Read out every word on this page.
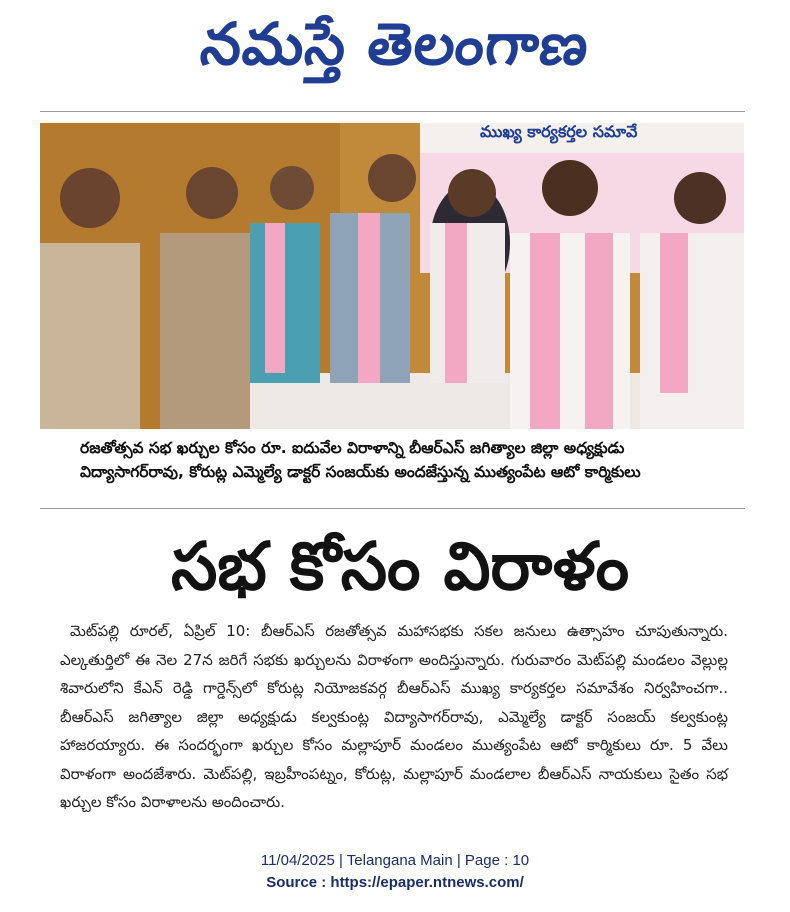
నమస్తే తెలంగాణ
ముఖ్య కార్యకర్తల సమావే
రజతోత్సవ సభ ఖర్చుల కోసం రూ. ఐదువేల విరాళాన్ని బీఆర్ఎస్ జగిత్యాల జిల్లా అధ్యక్షుడు విద్యాసాగర్‌రావు, కోరుట్ల ఎమ్మెల్యే డాక్టర్ సంజయ్‌కు అందజేస్తున్న ముత్యంపేట ఆటో కార్మికులు
సభ కోసం విరాళం
మెట్‌పల్లి రూరల్, ఏప్రిల్ 10: బీఆర్ఎస్ రజతోత్సవ మహాసభకు సకల జనులు ఉత్సాహం చూపుతున్నారు. ఎల్కతుర్తిలో ఈ నెల 27న జరిగే సభకు ఖర్చులను విరాళంగా అందిస్తున్నారు. గురువారం మెట్‌పల్లి మండలం వెల్లుల్ల శివారులోని కేఎన్ రెడ్డి గార్డెన్స్‌లో కోరుట్ల నియోజకవర్గ బీఆర్ఎస్ ముఖ్య కార్యకర్తల సమావేశం నిర్వహించగా.. బీఆర్ఎస్ జగిత్యాల జిల్లా అధ్యక్షుడు కల్వకుంట్ల విద్యాసాగర్‌రావు, ఎమ్మెల్యే డాక్టర్ సంజయ్ కల్వకుంట్ల హాజరయ్యారు. ఈ సందర్భంగా ఖర్చుల కోసం మల్లాపూర్ మండలం ముత్యంపేట ఆటో కార్మికులు రూ. 5 వేలు విరాళంగా అందజేశారు. మెట్‌పల్లి, ఇబ్రహీంపట్నం, కోరుట్ల, మల్లాపూర్ మండలాల బీఆర్ఎస్ నాయకులు సైతం సభ ఖర్చుల కోసం విరాళాలను అందించారు.
11/04/2025 | Telangana Main | Page : 10
Source : https://epaper.ntnews.com/
